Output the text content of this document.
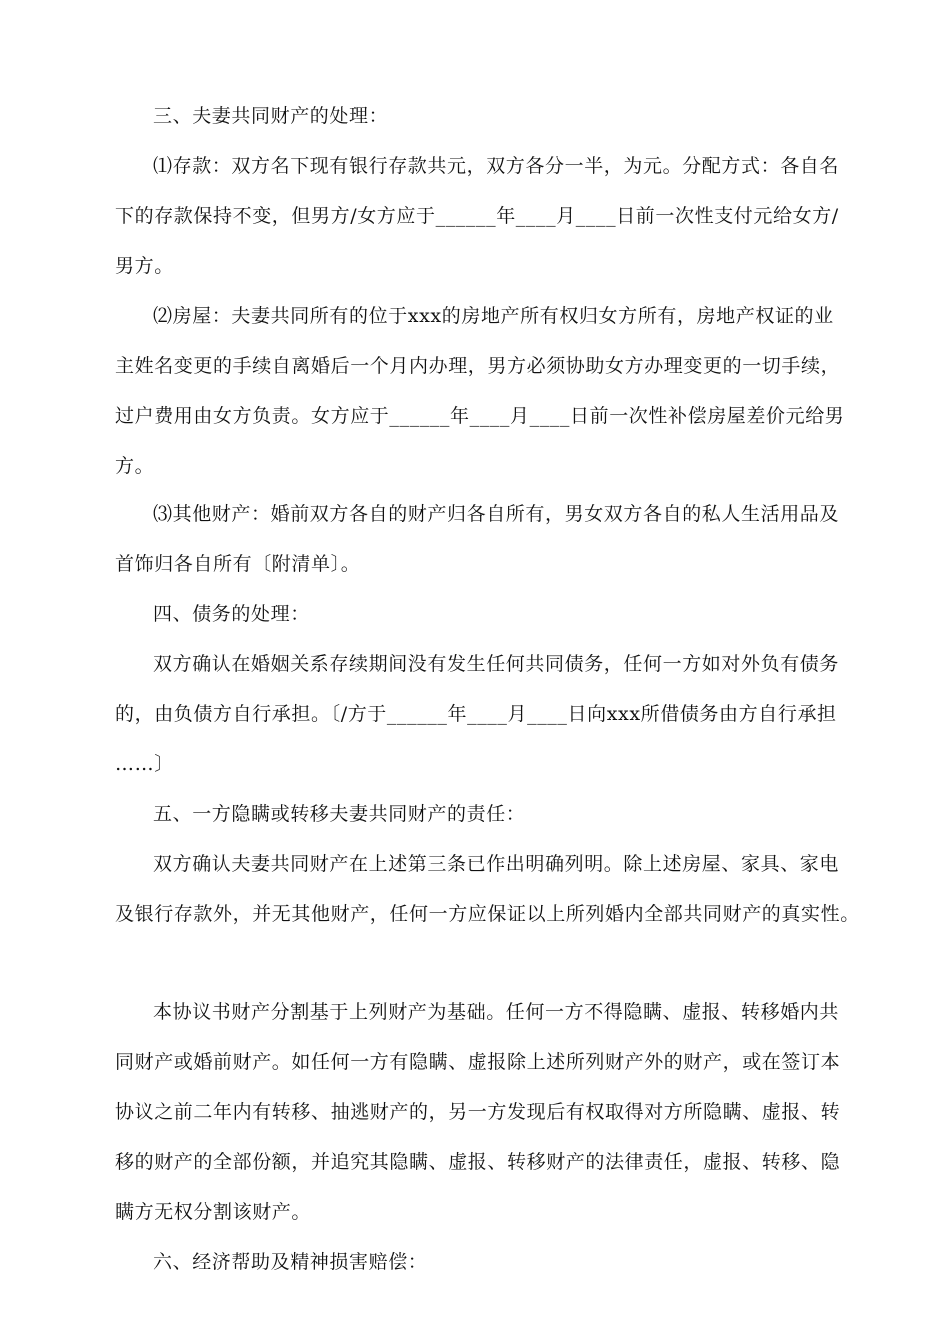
三、夫妻共同财产的处理：
⑴存款：双方名下现有银行存款共元，双方各分一半，为元。分配方式：各自名
下的存款保持不变，但男方/女方应于______年____月____日前一次性支付元给女方/
男方。
⑵房屋：夫妻共同所有的位于xxx的房地产所有权归女方所有，房地产权证的业
主姓名变更的手续自离婚后一个月内办理，男方必须协助女方办理变更的一切手续，
过户费用由女方负责。女方应于______年____月____日前一次性补偿房屋差价元给男
方。
⑶其他财产：婚前双方各自的财产归各自所有，男女双方各自的私人生活用品及
首饰归各自所有〔附清单〕。
四、债务的处理：
双方确认在婚姻关系存续期间没有发生任何共同债务，任何一方如对外负有债务
的，由负债方自行承担。〔/方于______年____月____日向xxx所借债务由方自行承担
……〕
五、一方隐瞒或转移夫妻共同财产的责任：
双方确认夫妻共同财产在上述第三条已作出明确列明。除上述房屋、家具、家电
及银行存款外，并无其他财产，任何一方应保证以上所列婚内全部共同财产的真实性。
本协议书财产分割基于上列财产为基础。任何一方不得隐瞒、虚报、转移婚内共
同财产或婚前财产。如任何一方有隐瞒、虚报除上述所列财产外的财产，或在签订本
协议之前二年内有转移、抽逃财产的，另一方发现后有权取得对方所隐瞒、虚报、转
移的财产的全部份额，并追究其隐瞒、虚报、转移财产的法律责任，虚报、转移、隐
瞒方无权分割该财产。
六、经济帮助及精神损害赔偿：
